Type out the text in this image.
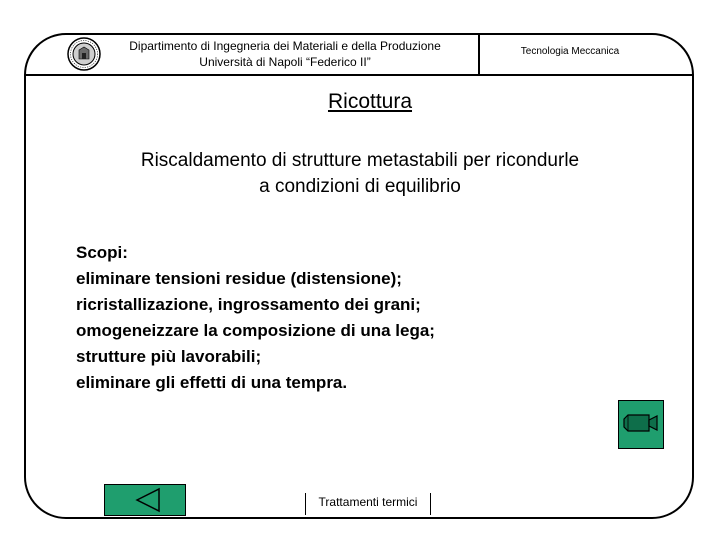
Dipartimento di Ingegneria dei Materiali e della Produzione
Università di Napoli “Federico II”
Tecnologia Meccanica
Ricottura
Riscaldamento di strutture metastabili per ricondurle
a condizioni di equilibrio
Scopi:
eliminare tensioni residue (distensione);
ricristallizazione, ingrossamento dei grani;
omogeneizzare la composizione di una lega;
strutture più lavorabili;
eliminare gli effetti di una tempra.
Trattamenti termici
